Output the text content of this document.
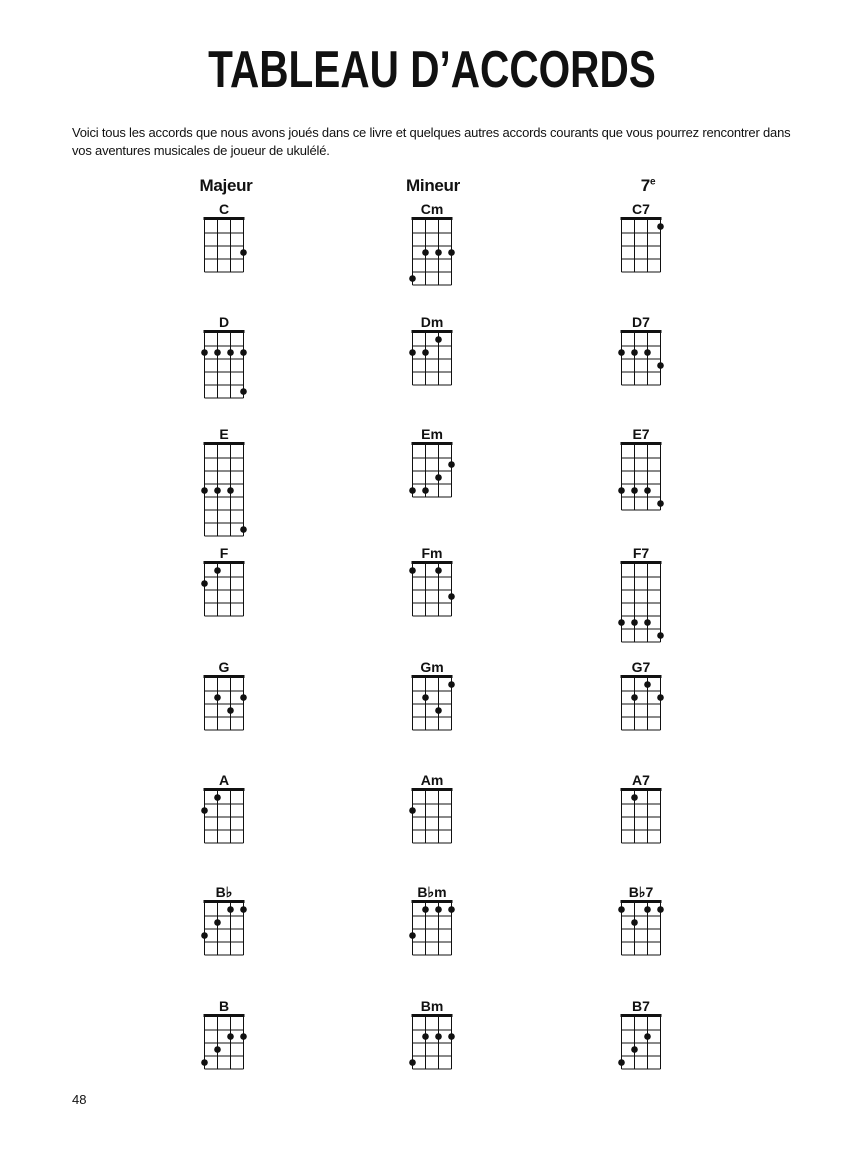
TABLEAU D’ACCORDS
Voici tous les accords que nous avons joués dans ce livre et quelques autres accords courants que vous pourrez rencontrer dans vos aventures musicales de joueur de ukulélé.
48
Majeur	Mineur	7e
C	Cm	C7
D	Dm	D7
E	Em	E7
F	Fm	F7
G	Gm	G7
A	Am	A7
B♭	B♭m	B♭7
B	Bm	B7
